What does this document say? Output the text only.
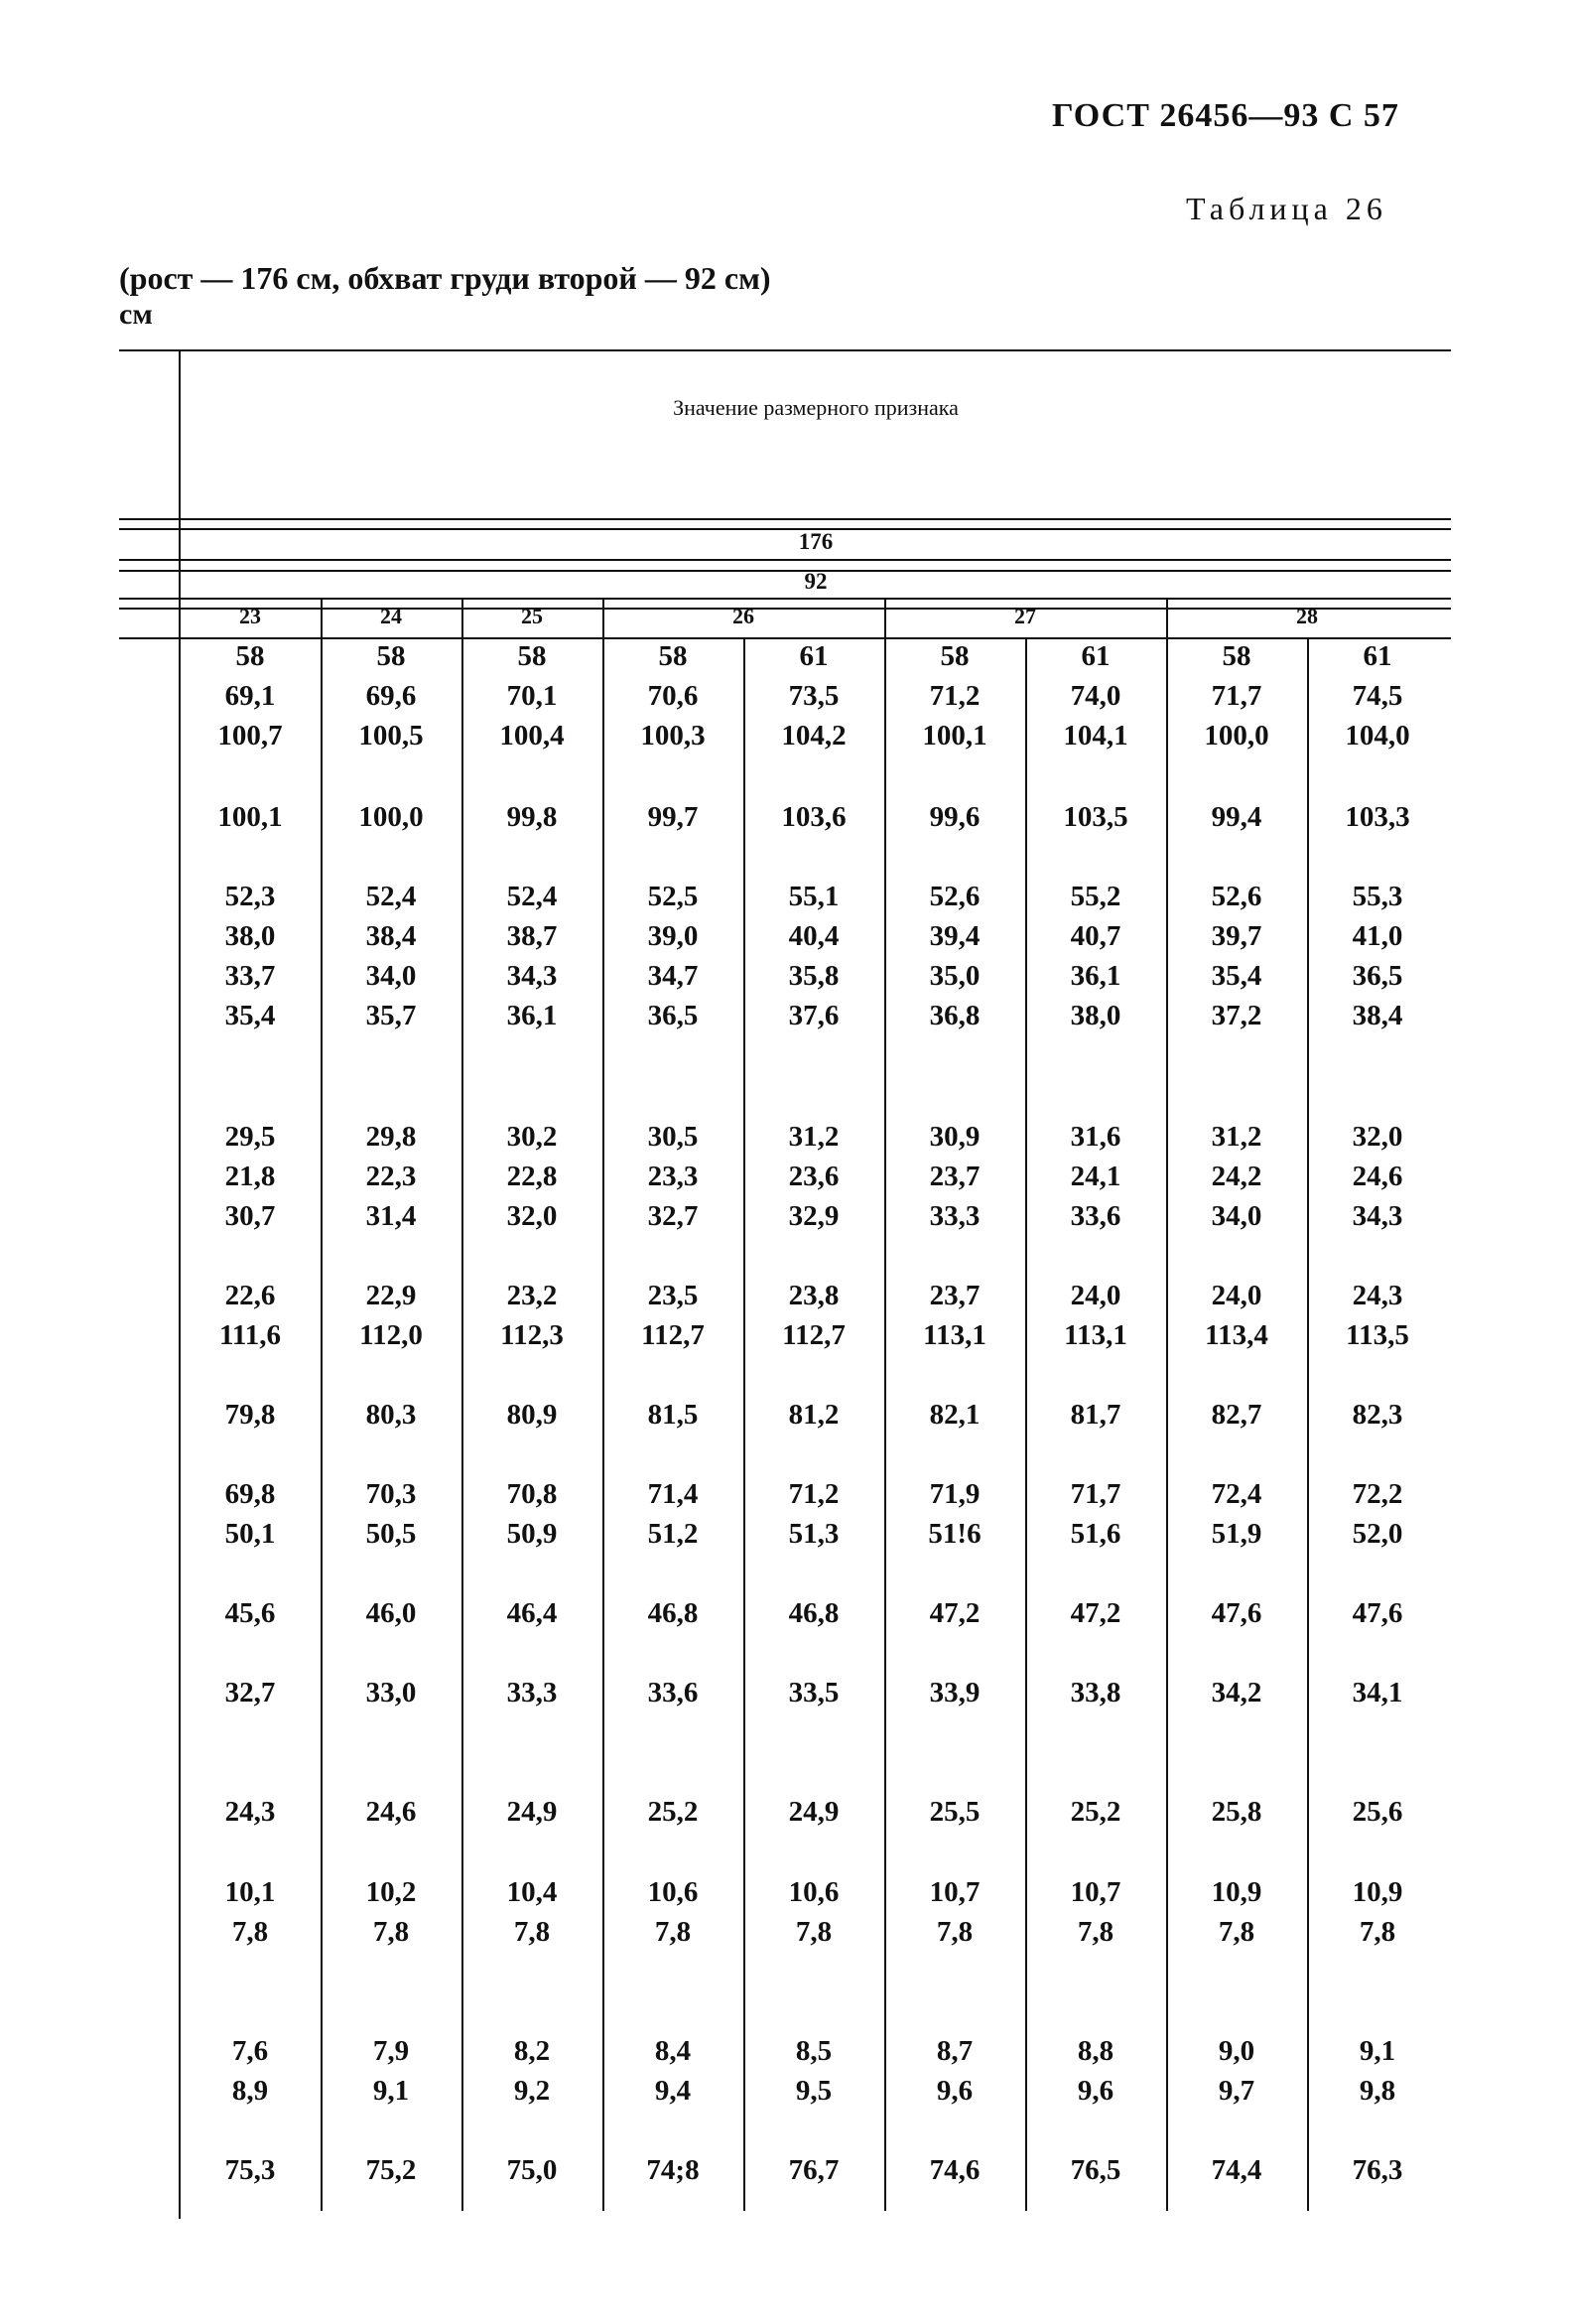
ГОСТ 26456—93 С 57
Таблица 26
(рост — 176 см, обхват груди второй — 92 см)
см
Значение размерного признака
176
92
23	24	25	26	27	28
58	58	58	58	61	58	61	58	61
69,1	69,6	70,1	70,6	73,5	71,2	74,0	71,7	74,5
100,7	100,5	100,4	100,3	104,2	100,1	104,1	100,0	104,0
100,1	100,0	99,8	99,7	103,6	99,6	103,5	99,4	103,3
52,3	52,4	52,4	52,5	55,1	52,6	55,2	52,6	55,3
38,0	38,4	38,7	39,0	40,4	39,4	40,7	39,7	41,0
33,7	34,0	34,3	34,7	35,8	35,0	36,1	35,4	36,5
35,4	35,7	36,1	36,5	37,6	36,8	38,0	37,2	38,4
29,5	29,8	30,2	30,5	31,2	30,9	31,6	31,2	32,0
21,8	22,3	22,8	23,3	23,6	23,7	24,1	24,2	24,6
30,7	31,4	32,0	32,7	32,9	33,3	33,6	34,0	34,3
22,6	22,9	23,2	23,5	23,8	23,7	24,0	24,0	24,3
111,6	112,0	112,3	112,7	112,7	113,1	113,1	113,4	113,5
79,8	80,3	80,9	81,5	81,2	82,1	81,7	82,7	82,3
69,8	70,3	70,8	71,4	71,2	71,9	71,7	72,4	72,2
50,1	50,5	50,9	51,2	51,3	51!6	51,6	51,9	52,0
45,6	46,0	46,4	46,8	46,8	47,2	47,2	47,6	47,6
32,7	33,0	33,3	33,6	33,5	33,9	33,8	34,2	34,1
24,3	24,6	24,9	25,2	24,9	25,5	25,2	25,8	25,6
10,1	10,2	10,4	10,6	10,6	10,7	10,7	10,9	10,9
7,8	7,8	7,8	7,8	7,8	7,8	7,8	7,8	7,8
7,6	7,9	8,2	8,4	8,5	8,7	8,8	9,0	9,1
8,9	9,1	9,2	9,4	9,5	9,6	9,6	9,7	9,8
75,3	75,2	75,0	74;8	76,7	74,6	76,5	74,4	76,3
